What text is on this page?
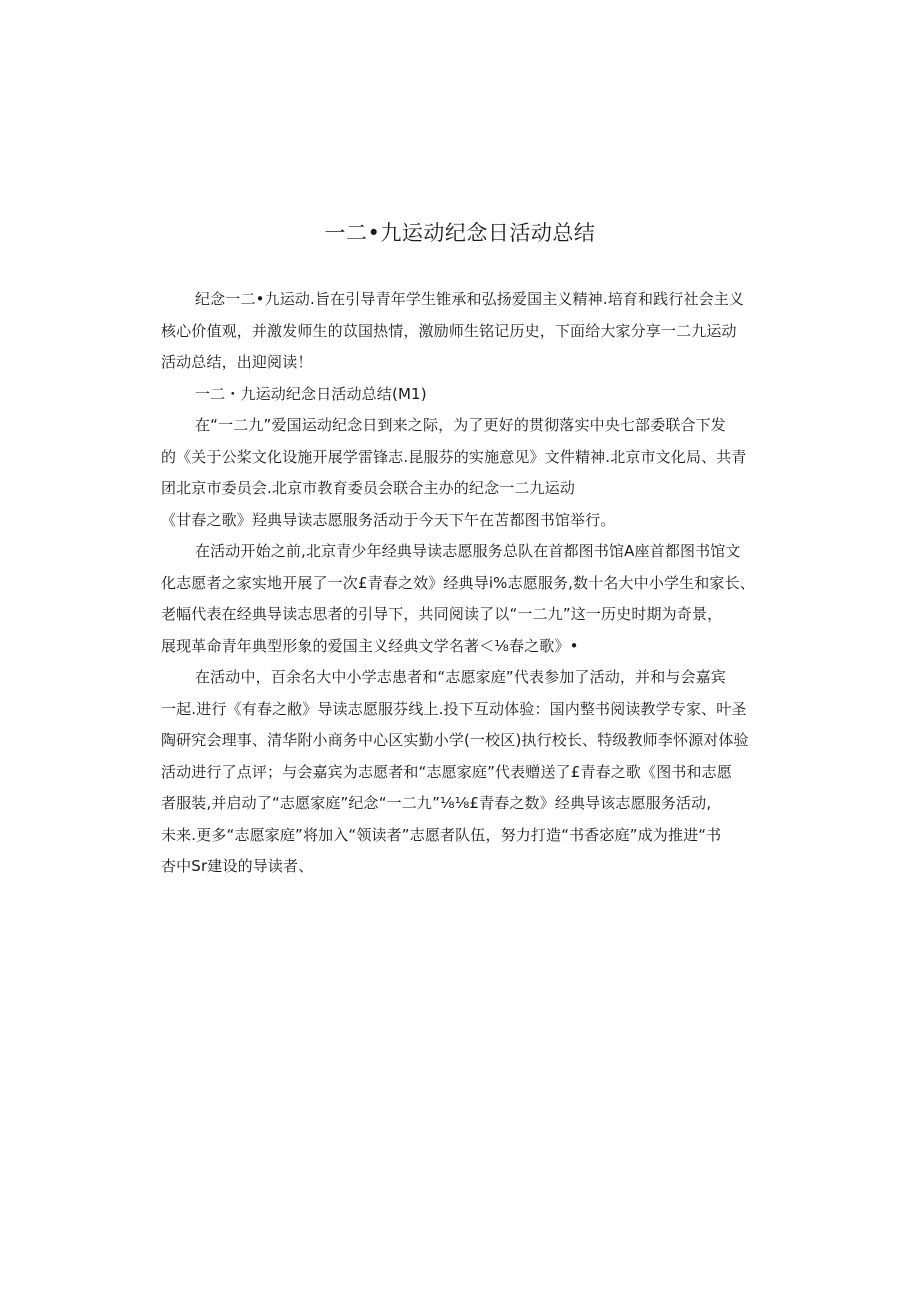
一二•九运动纪念日活动总结
纪念一二•九运动.旨在引导青年学生锥承和弘扬爱国主义精神.培育和践行社会主义
核心价值观，并激发师生的苡国热情，激励师生铭记历史，下面给大家分享一二九运动
活动总结，出迎阅读！
一二・九运动纪念日活动总结(M1)
在“一二九”爱国运动纪念日到来之际，为了更好的贯彻落实中央七部委联合下发
的《关于公桨文化设施开展学雷锋志.昆服芬的实施意见》文件精神.北京市文化局、共青
团北京市委员会.北京市教育委员会联合主办的纪念一二九运动
《甘春之歌》羟典导读志愿服务活动于今天下午在苫都图书馆举行。
在活动开始之前,北京青少年经典导读志愿服务总队在首都图书馆A座首都图书馆文
化志愿者之家实地开展了一次£青春之效》经典导i%志愿服务,数十名大中小学生和家长、
老幅代表在经典导读志思者的引导下，共同阅读了以“一二九”这一历史时期为奇景，
展现革命青年典型形象的爱国主义经典文学名著＜⅛春之歌》•
在活动中，百余名大中小学志患者和“志愿家庭”代表参加了活动，并和与会嘉宾
一起.进行《有春之敝》导读志愿服芬线上.投下互动体验：国内整书阅读教学专家、叶圣
陶研究会理事、清华附小商务中心区实勤小学(一校区)执行校长、特级教师李怀源对体验
活动进行了点评；与会嘉宾为志愿者和“志愿家庭”代表赠送了£青春之歌《图书和志愿
者服装,并启动了“志愿家庭”纪念“一二九”⅛⅛£青春之数》经典导该志愿服务活动,
未来.更多“志愿家庭”将加入“领读者”志愿者队伍，努力打造“书香宓庭”成为推进“书
杏中Sr建设的导读者、
